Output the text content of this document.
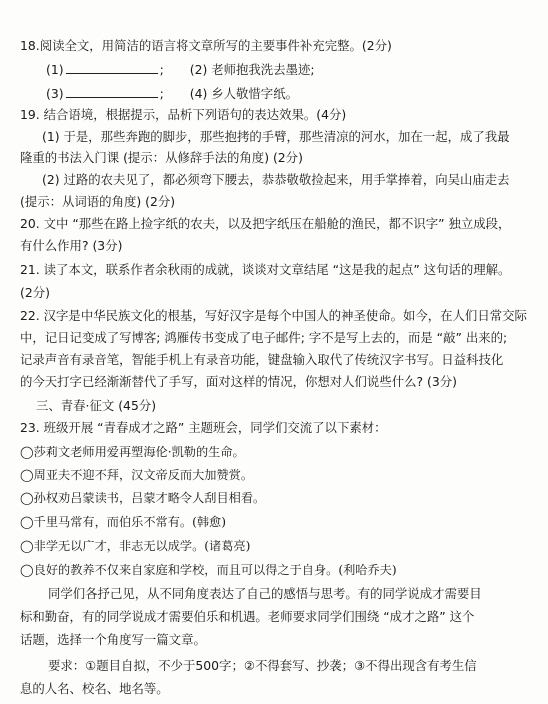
18.阅读全文，用简洁的语言将文章所写的主要事件补充完整。(2分)
(1)	; (2) 老师抱我洗去墨迹;
(3)	; (4) 乡人敬惜字纸。
19. 结合语境，根据提示，品析下列语句的表达效果。(4分)
(1) 于是，那些奔跑的脚步，那些抱拷的手臂，那些清凉的河水，加在一起，成了我最
隆重的书法入门课 (提示：从修辞手法的角度) (2分)
(2) 过路的农夫见了，都必须弯下腰去，恭恭敬敬捡起来，用手掌捧着，向吴山庙走去
(提示：从词语的角度) (2分)
20. 文中 “那些在路上捡字纸的农夫，以及把字纸压在船舱的渔民，都不识字” 独立成段，
有什么作用? (3分)
21. 读了本文，联系作者余秋雨的成就，谈谈对文章结尾 “这是我的起点” 这句话的理解。
(2分)
22. 汉字是中华民族文化的根基，写好汉字是每个中国人的神圣使命。如今，在人们日常交际
中，记日记变成了写博客; 鸿雁传书变成了电子邮件; 字不是写上去的，而是 “敲” 出来的;
记录声音有录音笔，智能手机上有录音功能，键盘输入取代了传统汉字书写。日益科技化
的今天打字已经渐渐替代了手写，面对这样的情况，你想对人们说些什么? (3分)
三、青春·征文 (45分)
23. 班级开展 “青春成才之路” 主题班会，同学们交流了以下素材：
◯莎莉文老师用爱再塑海伦·凯勒的生命。
◯周亚夫不迎不拜，汉文帝反而大加赞赏。
◯孙权劝吕蒙读书，吕蒙才略令人刮目相看。
◯千里马常有，而伯乐不常有。(韩愈)
◯非学无以广才，非志无以成学。(诸葛亮)
◯良好的教养不仅来自家庭和学校，而且可以得之于自身。(利哈乔夫)
同学们各抒己见，从不同角度表达了自己的感悟与思考。有的同学说成才需要目
标和勤奋，有的同学说成才需要伯乐和机遇。老师要求同学们围绕 “成才之路” 这个
话题，选择一个角度写一篇文章。
要求：①题目自拟，不少于500字；②不得套写、抄袭；③不得出现含有考生信
息的人名、校名、地名等。
